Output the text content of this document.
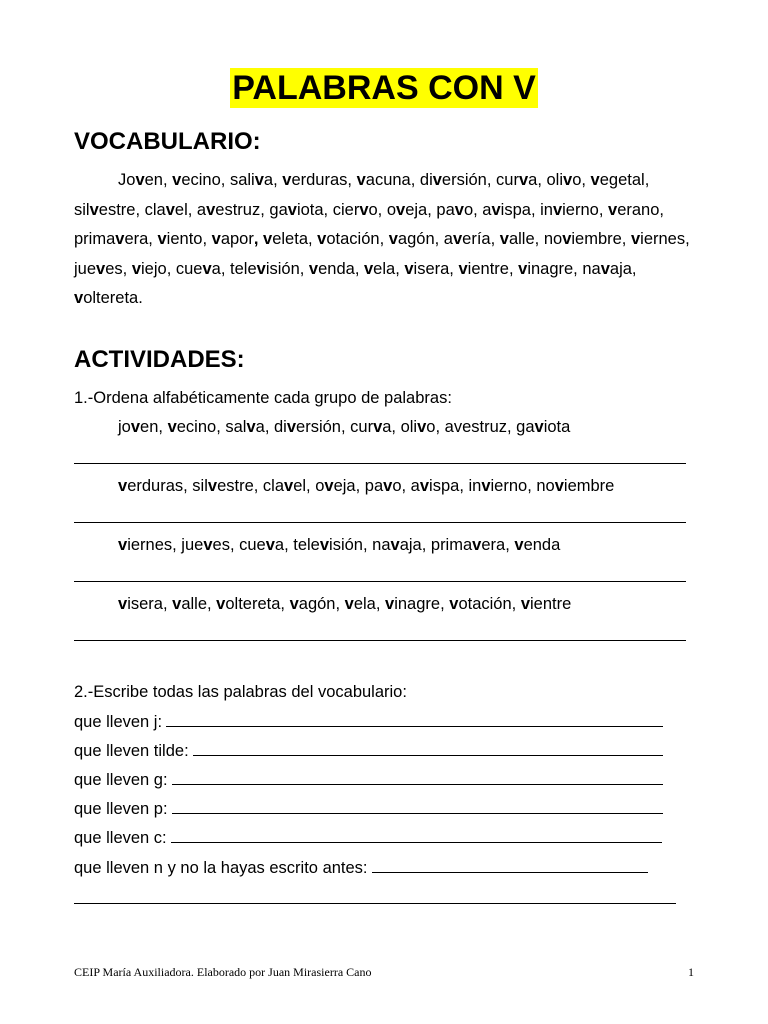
PALABRAS CON V
VOCABULARIO:

Joven, vecino, saliva, verduras, vacuna, diversión, curva, olivo, vegetal, silvestre, clavel, avestruz, gaviota, ciervo, oveja, pavo, avispa, invierno, verano, primavera, viento, vapor, veleta, votación, vagón, avería, valle, noviembre, viernes, jueves, viejo, cueva, televisión, venda, vela, visera, vientre, vinagre, navaja, voltereta.

ACTIVIDADES:
1.-Ordena alfabéticamente cada grupo de palabras:
joven, vecino, salva, diversión, curva, olivo, avestruz, gaviota
verduras, silvestre, clavel, oveja, pavo, avispa, invierno, noviembre
viernes, jueves, cueva, televisión, navaja, primavera, venda
visera, valle, voltereta, vagón, vela, vinagre, votación, vientre
2.-Escribe todas las palabras del vocabulario:
que lleven j:
que lleven tilde:
que lleven g:
que lleven p:
que lleven c:
que lleven n y no la hayas escrito antes:
CEIP María Auxiliadora. Elaborado por Juan Mirasierra Cano	1
